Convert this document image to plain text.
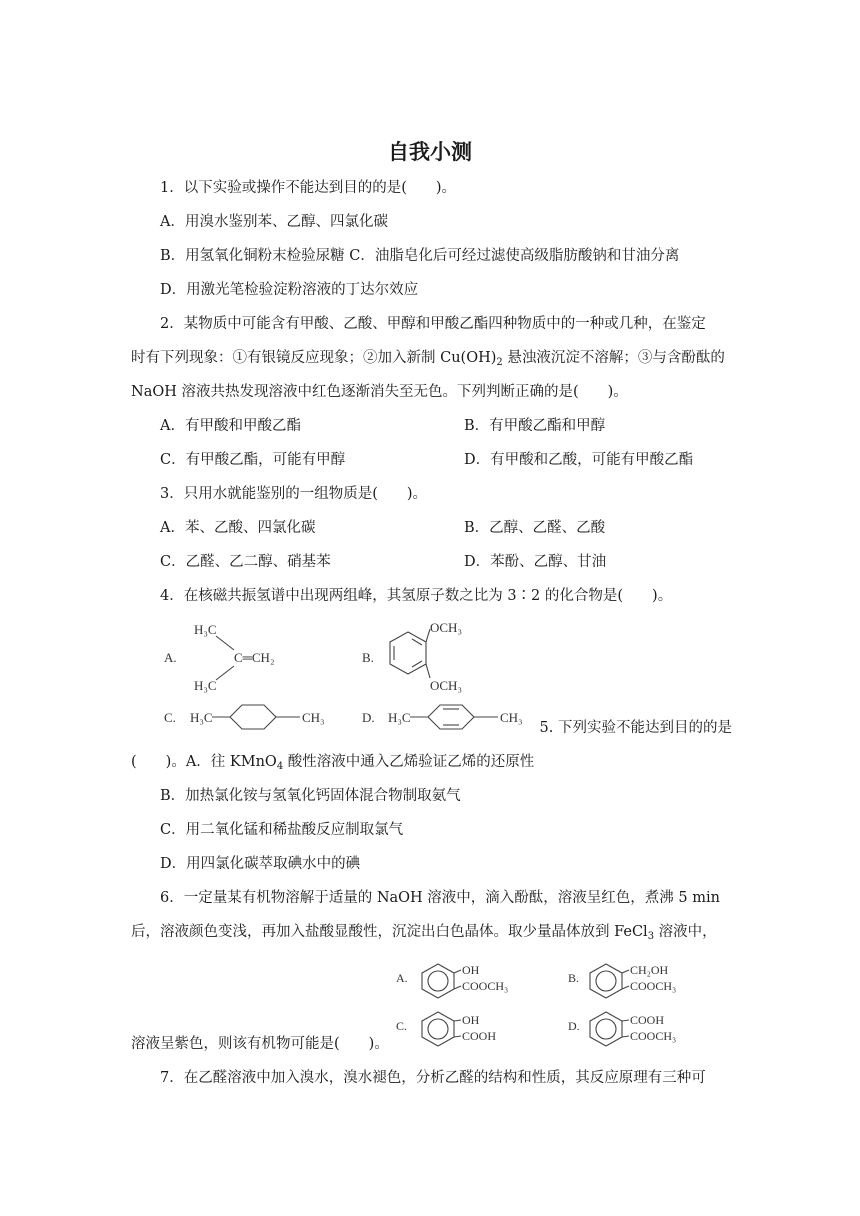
自我小测
1．以下实验或操作不能达到目的的是(　　)。
A．用溴水鉴别苯、乙醇、四氯化碳
B．用氢氧化铜粉末检验尿糖 C．油脂皂化后可经过滤使高级脂肪酸钠和甘油分离
D．用激光笔检验淀粉溶液的丁达尔效应
2．某物质中可能含有甲酸、乙酸、甲醇和甲酸乙酯四种物质中的一种或几种，在鉴定
时有下列现象：①有银镜反应现象；②加入新制 $Cu(OH)_2$ 悬浊液沉淀不溶解；③与含酚酞的
NaOH 溶液共热发现溶液中红色逐渐消失至无色。下列判断正确的是(　　)。
A．有甲酸和甲酸乙酯	B．有甲酸乙酯和甲醇
C．有甲酸乙酯，可能有甲醇	D．有甲酸和乙酸，可能有甲酸乙酯
3．只用水就能鉴别的一组物质是(　　)。
A．苯、乙酸、四氯化碳	B．乙醇、乙醛、乙酸
C．乙醛、乙二醇、硝基苯	D．苯酚、乙醇、甘油
4．在核磁共振氢谱中出现两组峰，其氢原子数之比为 3∶2 的化合物是(　　)。
A.
H₃C
C═CH₂
H₃C
B.
OCH₃
OCH₃
C. H₃C	CH₃	D. H₃C	CH₃
5. 下列实验不能达到目的的是
(　　)。A．往 KMnO$_4$ 酸性溶液中通入乙烯验证乙烯的还原性
B．加热氯化铵与氢氧化钙固体混合物制取氨气
C．用二氧化锰和稀盐酸反应制取氯气
D．用四氯化碳萃取碘水中的碘
6．一定量某有机物溶解于适量的 NaOH 溶液中，滴入酚酞，溶液呈红色，煮沸 5 min
后，溶液颜色变浅，再加入盐酸显酸性，沉淀出白色晶体。取少量晶体放到 FeCl$_3$ 溶液中，
A.
OH
COOCH₃
B.
CH₂OH
COOCH₃
C.	OH
COOH
D.	COOH
COOCH₃
溶液呈紫色，则该有机物可能是(　　)。
7．在乙醛溶液中加入溴水，溴水褪色，分析乙醛的结构和性质，其反应原理有三种可
